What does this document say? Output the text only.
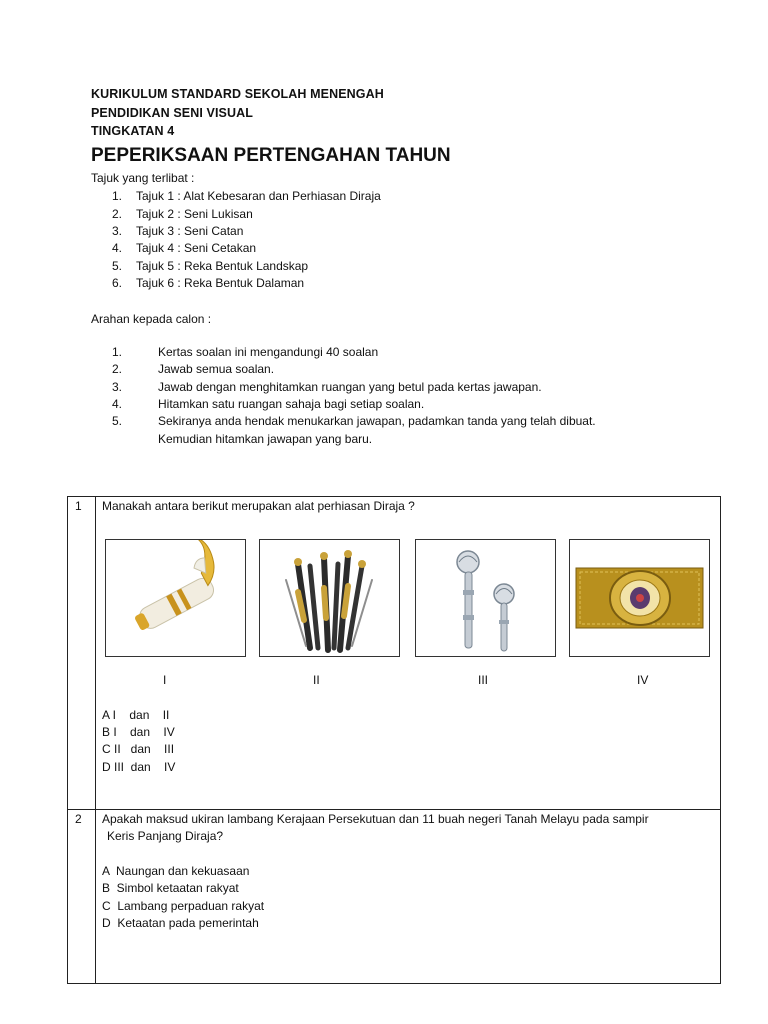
KURIKULUM STANDARD SEKOLAH MENENGAH
PENDIDIKAN SENI VISUAL
TINGKATAN 4
PEPERIKSAAN PERTENGAHAN TAHUN
Tajuk yang terlibat :
1. Tajuk 1 : Alat Kebesaran dan Perhiasan Diraja
2. Tajuk 2 : Seni Lukisan
3. Tajuk 3 : Seni Catan
4. Tajuk 4 : Seni Cetakan
5. Tajuk 5 : Reka Bentuk Landskap
6. Tajuk 6 : Reka Bentuk Dalaman
Arahan kepada calon :
1.	Kertas soalan ini mengandungi 40 soalan
2.	Jawab semua soalan.
3.	Jawab dengan menghitamkan ruangan yang betul pada kertas jawapan.
4.	Hitamkan satu ruangan sahaja bagi setiap soalan.
5.	Sekiranya anda hendak menukarkan jawapan, padamkan tanda yang telah dibuat.
Kemudian hitamkan jawapan yang baru.
1 Manakah antara berikut merupakan alat perhiasan Diraja ?
I	II	III	IV
A I    dan    II
B I    dan    IV
C II   dan    III
D III  dan    IV
2 Apakah maksud ukiran lambang Kerajaan Persekutuan dan 11 buah negeri Tanah Melayu pada sampir
Keris Panjang Diraja?
A  Naungan dan kekuasaan
B  Simbol ketaatan rakyat
C  Lambang perpaduan rakyat
D  Ketaatan pada pemerintah
